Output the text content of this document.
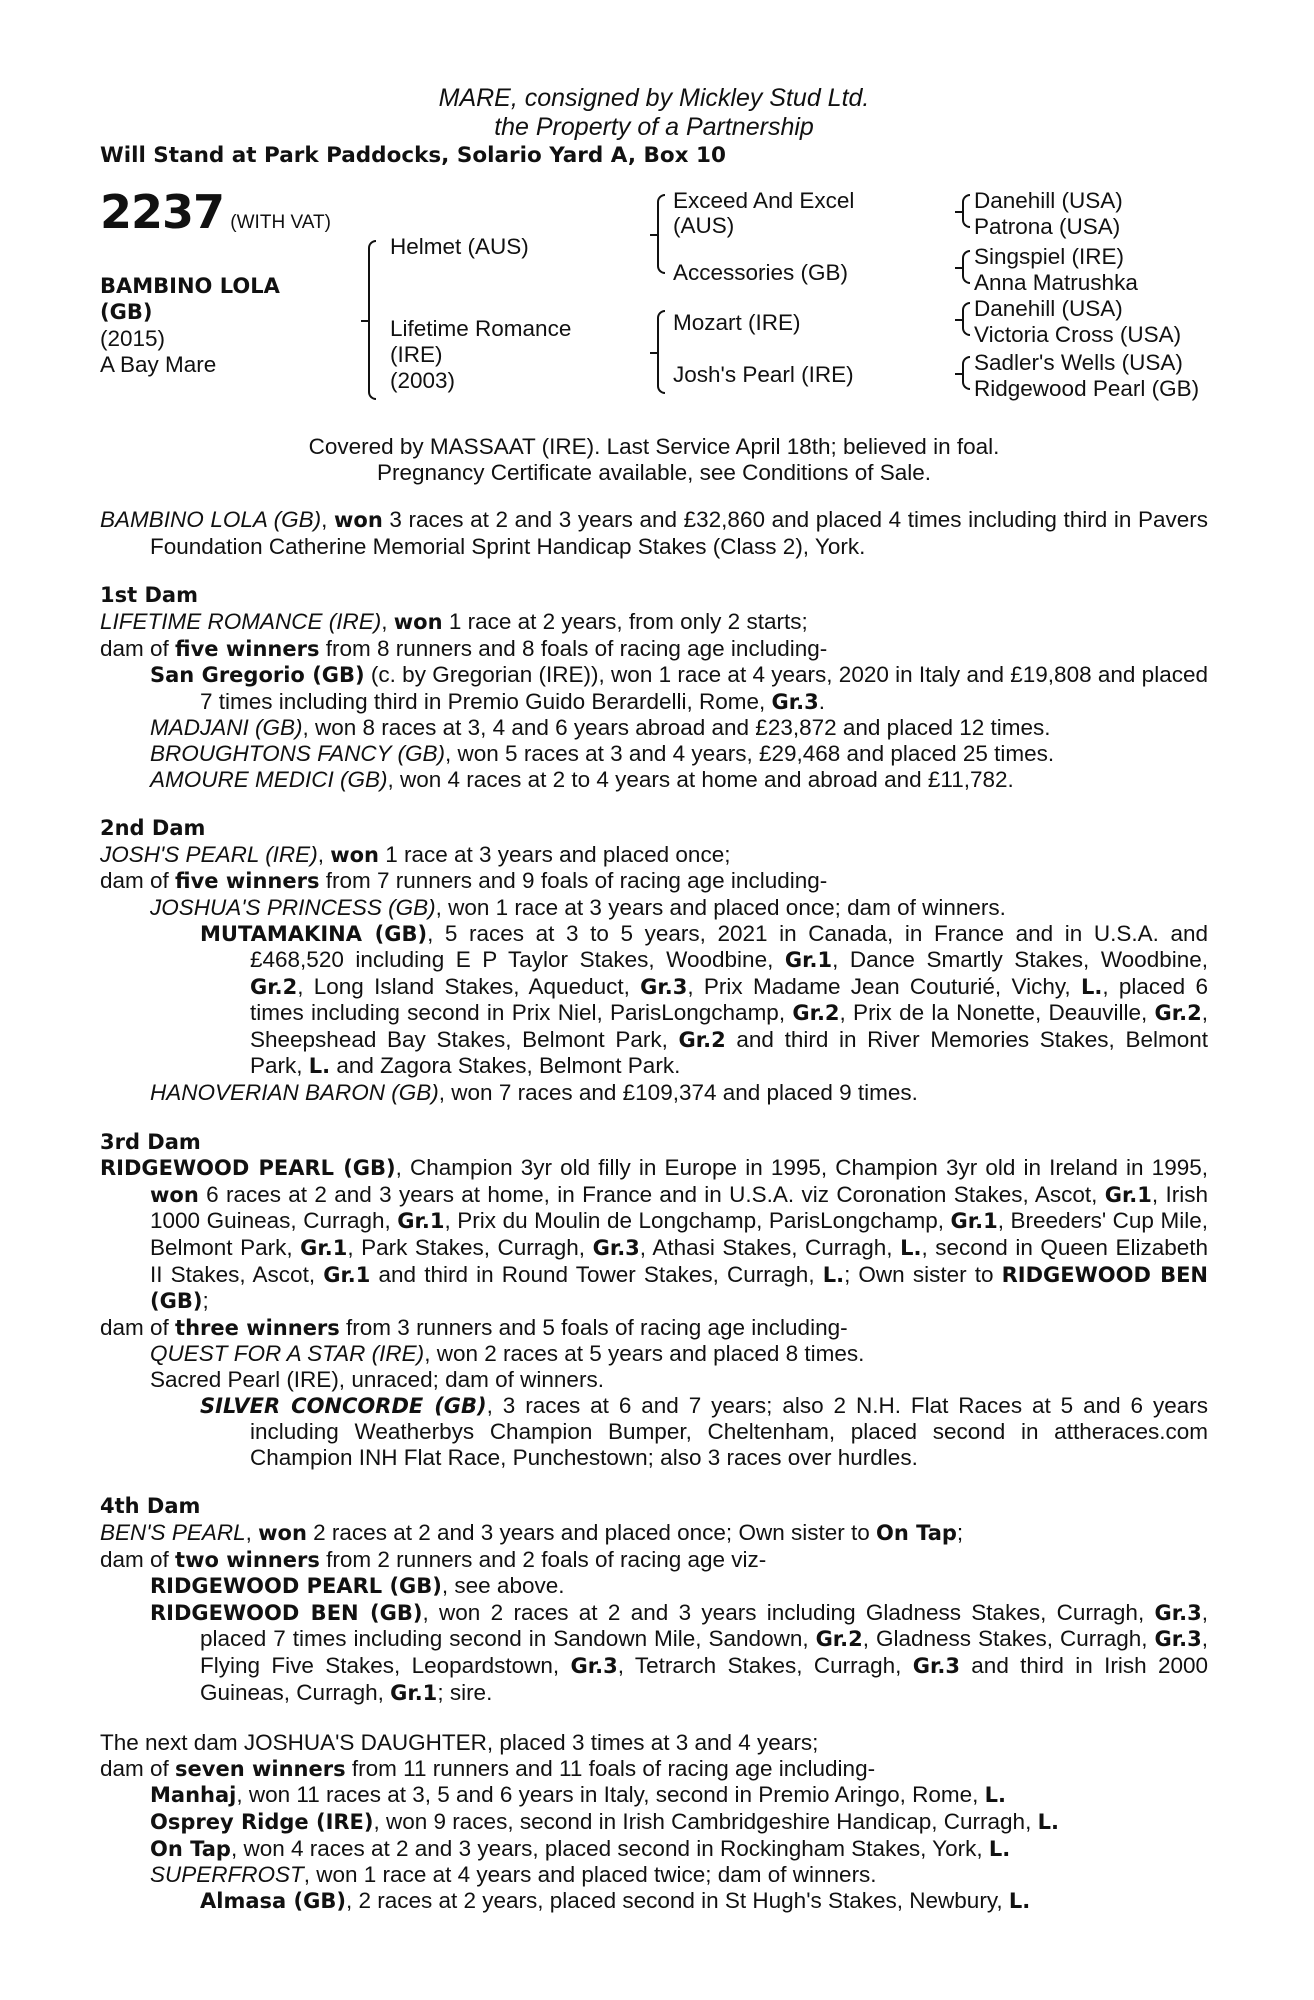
MARE, consigned by Mickley Stud Ltd.
the Property of a Partnership
Will Stand at Park Paddocks, Solario Yard A, Box 10
2237 (WITH VAT)
BAMBINO LOLA
(GB)
(2015)
A Bay Mare
Helmet (AUS)
Lifetime Romance
(IRE)
(2003)
Exceed And Excel
(AUS)
Accessories (GB)
Mozart (IRE)
Josh's Pearl (IRE)
Danehill (USA)
Patrona (USA)
Singspiel (IRE)
Anna Matrushka
Danehill (USA)
Victoria Cross (USA)
Sadler's Wells (USA)
Ridgewood Pearl (GB)
Covered by MASSAAT (IRE). Last Service April 18th; believed in foal.
Pregnancy Certificate available, see Conditions of Sale.

BAMBINO LOLA (GB), won 3 races at 2 and 3 years and £32,860 and placed 4 times including third in Pavers Foundation Catherine Memorial Sprint Handicap Stakes (Class 2), York.

1st Dam

LIFETIME ROMANCE (IRE), won 1 race at 2 years, from only 2 starts;

dam of five winners from 8 runners and 8 foals of racing age including-

San Gregorio (GB) (c. by Gregorian (IRE)), won 1 race at 4 years, 2020 in Italy and £19,808 and placed 7 times including third in Premio Guido Berardelli, Rome, Gr.3.

MADJANI (GB), won 8 races at 3, 4 and 6 years abroad and £23,872 and placed 12 times.

BROUGHTONS FANCY (GB), won 5 races at 3 and 4 years, £29,468 and placed 25 times.

AMOURE MEDICI (GB), won 4 races at 2 to 4 years at home and abroad and £11,782.

2nd Dam

JOSH'S PEARL (IRE), won 1 race at 3 years and placed once;

dam of five winners from 7 runners and 9 foals of racing age including-

JOSHUA'S PRINCESS (GB), won 1 race at 3 years and placed once; dam of winners.

MUTAMAKINA (GB), 5 races at 3 to 5 years, 2021 in Canada, in France and in U.S.A. and £468,520 including E P Taylor Stakes, Woodbine, Gr.1, Dance Smartly Stakes, Woodbine, Gr.2, Long Island Stakes, Aqueduct, Gr.3, Prix Madame Jean Couturié, Vichy, L., placed 6 times including second in Prix Niel, ParisLongchamp, Gr.2, Prix de la Nonette, Deauville, Gr.2, Sheepshead Bay Stakes, Belmont Park, Gr.2 and third in River Memories Stakes, Belmont Park, L. and Zagora Stakes, Belmont Park.

HANOVERIAN BARON (GB), won 7 races and £109,374 and placed 9 times.

3rd Dam

RIDGEWOOD PEARL (GB), Champion 3yr old filly in Europe in 1995, Champion 3yr old in Ireland in 1995, won 6 races at 2 and 3 years at home, in France and in U.S.A. viz Coronation Stakes, Ascot, Gr.1, Irish 1000 Guineas, Curragh, Gr.1, Prix du Moulin de Longchamp, ParisLongchamp, Gr.1, Breeders' Cup Mile, Belmont Park, Gr.1, Park Stakes, Curragh, Gr.3, Athasi Stakes, Curragh, L., second in Queen Elizabeth II Stakes, Ascot, Gr.1 and third in Round Tower Stakes, Curragh, L.; Own sister to RIDGEWOOD BEN (GB);

dam of three winners from 3 runners and 5 foals of racing age including-

QUEST FOR A STAR (IRE), won 2 races at 5 years and placed 8 times.

Sacred Pearl (IRE), unraced; dam of winners.

SILVER CONCORDE (GB), 3 races at 6 and 7 years; also 2 N.H. Flat Races at 5 and 6 years including Weatherbys Champion Bumper, Cheltenham, placed second in attheraces.com Champion INH Flat Race, Punchestown; also 3 races over hurdles.

4th Dam

BEN'S PEARL, won 2 races at 2 and 3 years and placed once; Own sister to On Tap;

dam of two winners from 2 runners and 2 foals of racing age viz-

RIDGEWOOD PEARL (GB), see above.

RIDGEWOOD BEN (GB), won 2 races at 2 and 3 years including Gladness Stakes, Curragh, Gr.3, placed 7 times including second in Sandown Mile, Sandown, Gr.2, Gladness Stakes, Curragh, Gr.3, Flying Five Stakes, Leopardstown, Gr.3, Tetrarch Stakes, Curragh, Gr.3 and third in Irish 2000 Guineas, Curragh, Gr.1; sire.

The next dam JOSHUA'S DAUGHTER, placed 3 times at 3 and 4 years;

dam of seven winners from 11 runners and 11 foals of racing age including-

Manhaj, won 11 races at 3, 5 and 6 years in Italy, second in Premio Aringo, Rome, L.

Osprey Ridge (IRE), won 9 races, second in Irish Cambridgeshire Handicap, Curragh, L.

On Tap, won 4 races at 2 and 3 years, placed second in Rockingham Stakes, York, L.

SUPERFROST, won 1 race at 4 years and placed twice; dam of winners.

Almasa (GB), 2 races at 2 years, placed second in St Hugh's Stakes, Newbury, L.
